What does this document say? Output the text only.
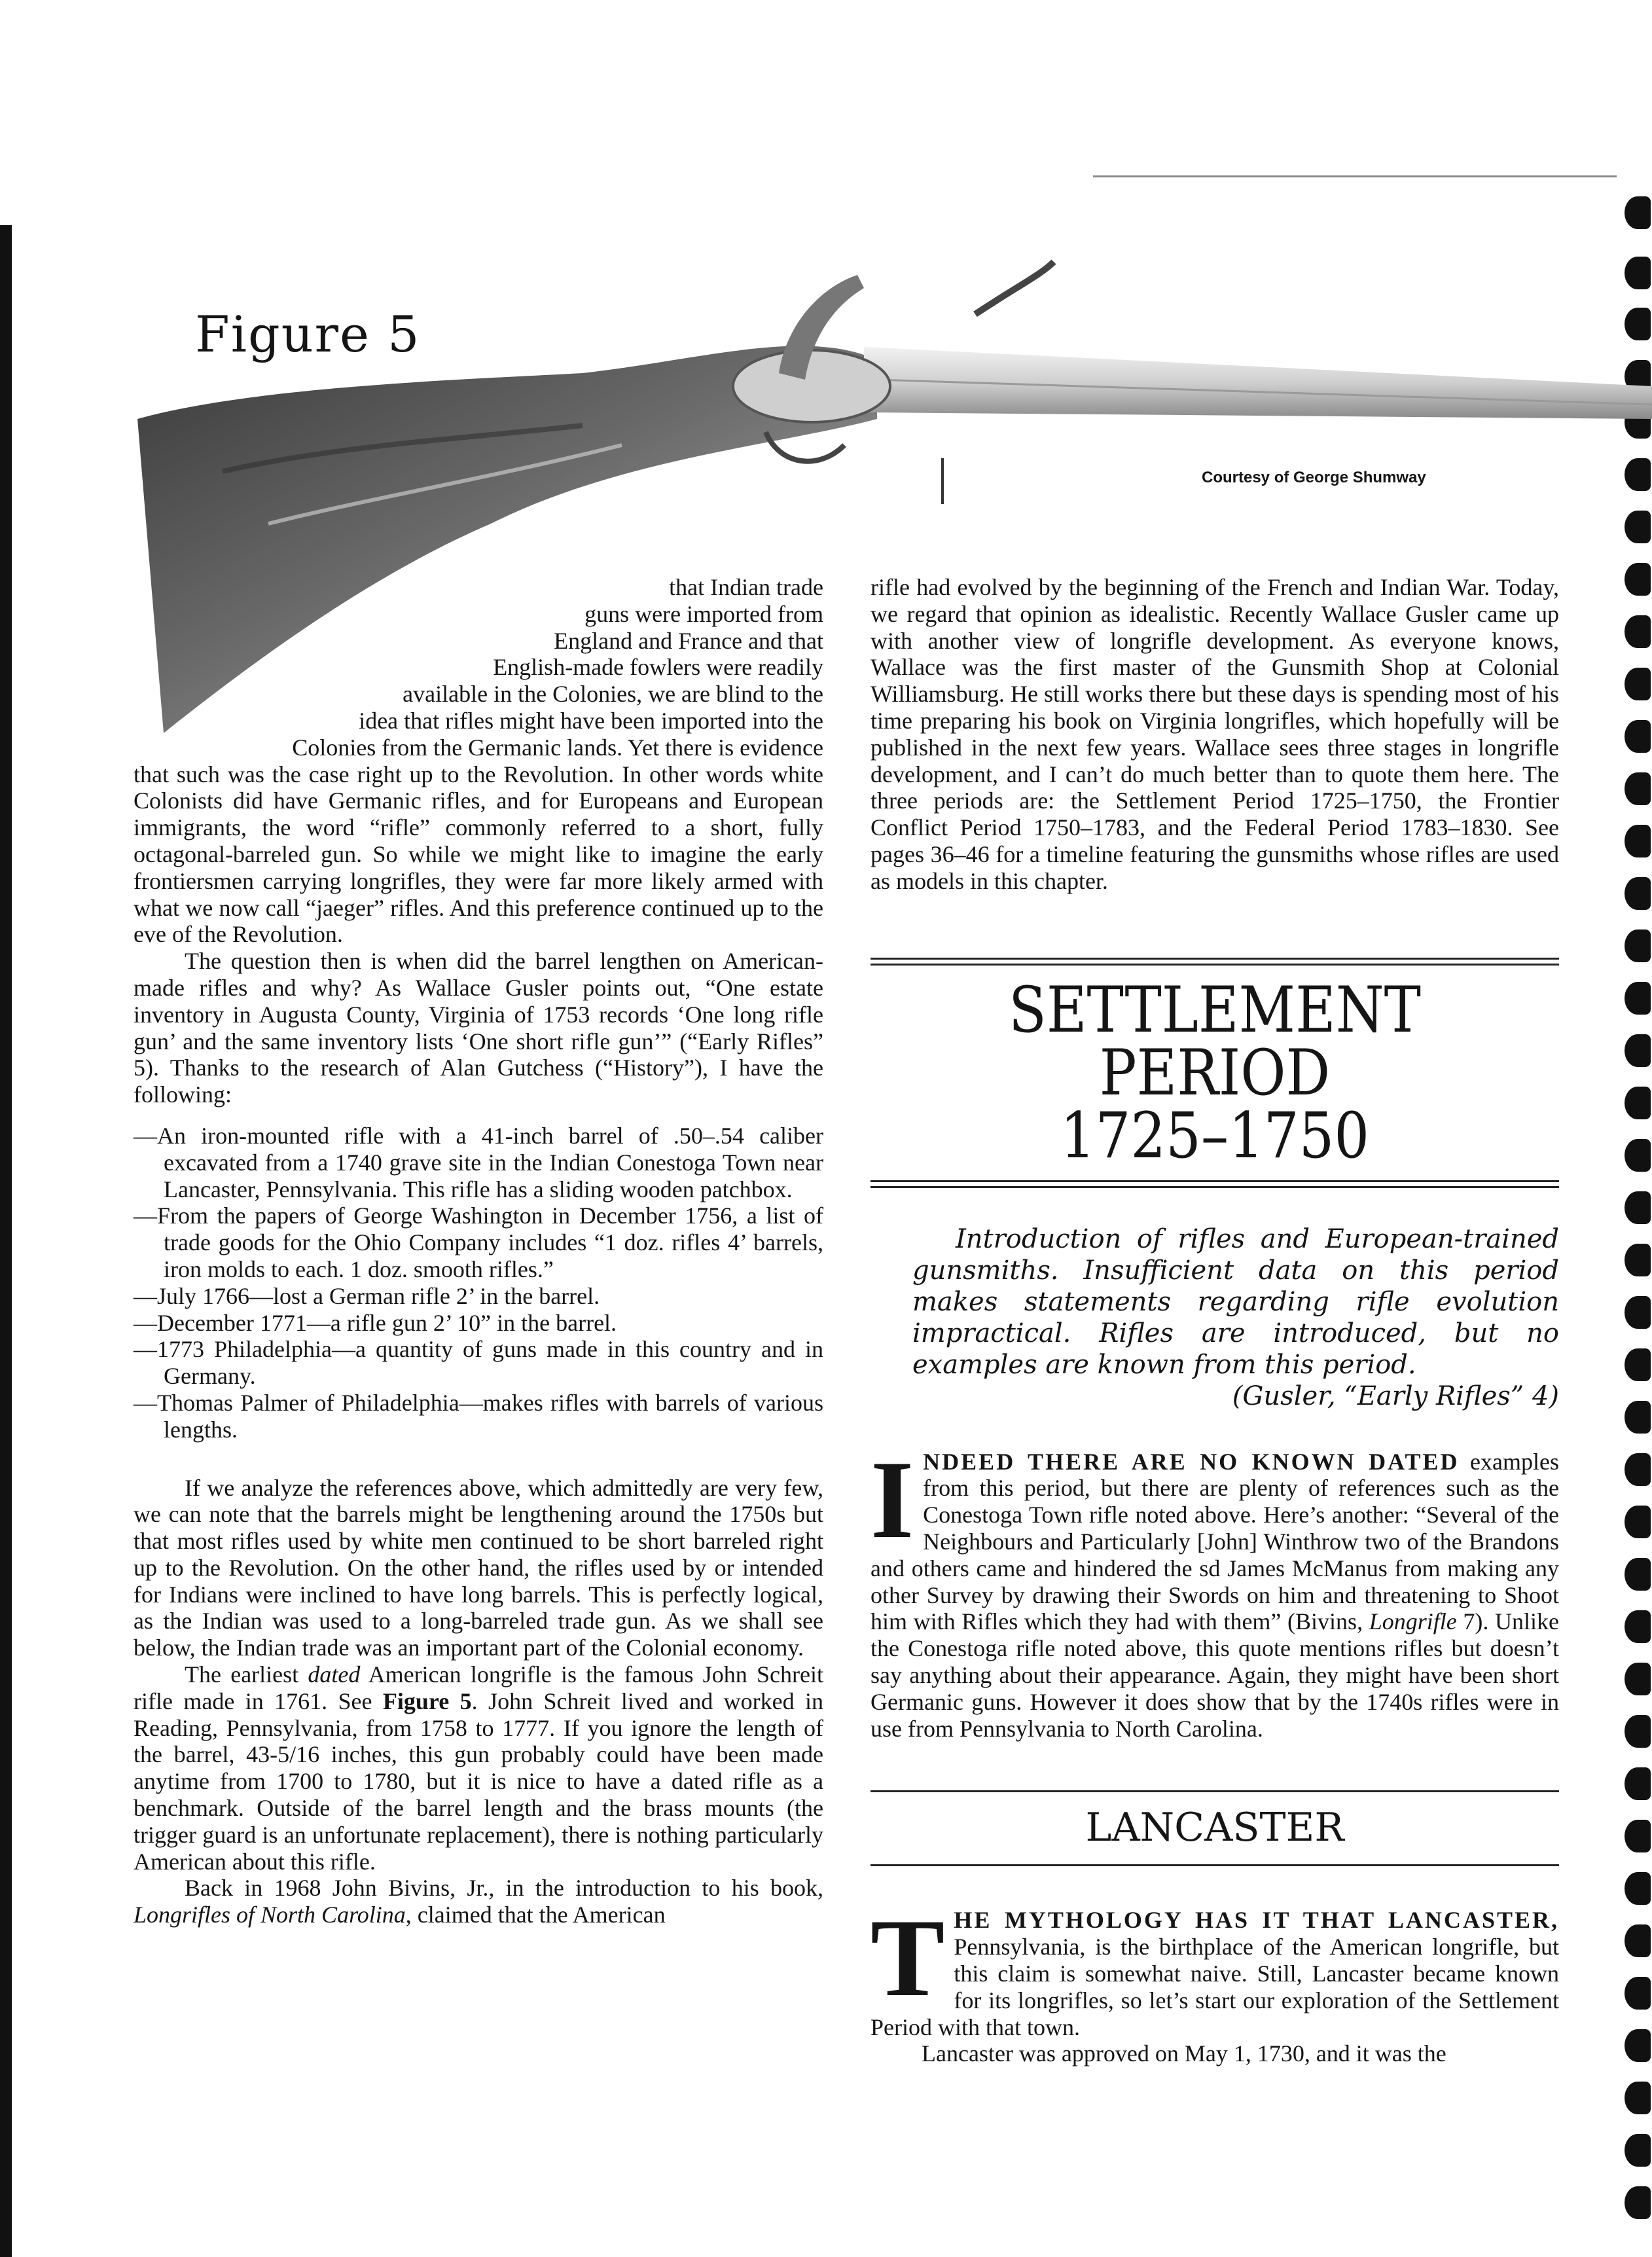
Figure 5
Courtesy of George Shumway
that Indian trade
guns were imported from
England and France and that
English-made fowlers were readily
available in the Colonies, we are blind to the
idea that rifles might have been imported into the
Colonies from the Germanic lands. Yet there is evidence

that such was the case right up to the Revolution. In other words white Colonists did have Germanic rifles, and for Europeans and European immigrants, the word “rifle” commonly referred to a short, fully octagonal-barreled gun. So while we might like to imagine the early frontiersmen carrying longrifles, they were far more likely armed with what we now call “jaeger” rifles. And this preference continued up to the eve of the Revolution.

The question then is when did the barrel lengthen on American-made rifles and why? As Wallace Gusler points out, “One estate inventory in Augusta County, Virginia of 1753 records ‘One long rifle gun’ and the same inventory lists ‘One short rifle gun’” (“Early Rifles” 5). Thanks to the research of Alan Gutchess (“History”), I have the following:

—An iron-mounted rifle with a 41-inch barrel of .50–.54 caliber excavated from a 1740 grave site in the Indian Conestoga Town near Lancaster, Pennsylvania. This rifle has a sliding wooden patchbox.
—From the papers of George Washington in December 1756, a list of trade goods for the Ohio Company includes “1 doz. rifles 4’ barrels, iron molds to each. 1 doz. smooth rifles.”
—July 1766—lost a German rifle 2’ in the barrel.
—December 1771—a rifle gun 2’ 10” in the barrel.
—1773 Philadelphia—a quantity of guns made in this country and in Germany.
—Thomas Palmer of Philadelphia—makes rifles with barrels of various lengths.

If we analyze the references above, which admittedly are very few, we can note that the barrels might be lengthening around the 1750s but that most rifles used by white men continued to be short barreled right up to the Revolution. On the other hand, the rifles used by or intended for Indians were inclined to have long barrels. This is perfectly logical, as the Indian was used to a long-barreled trade gun. As we shall see below, the Indian trade was an important part of the Colonial economy.

The earliest dated American longrifle is the famous John Schreit rifle made in 1761. See Figure 5. John Schreit lived and worked in Reading, Pennsylvania, from 1758 to 1777. If you ignore the length of the barrel, 43-5/16 inches, this gun probably could have been made anytime from 1700 to 1780, but it is nice to have a dated rifle as a benchmark. Outside of the barrel length and the brass mounts (the trigger guard is an unfortunate replacement), there is nothing particularly American about this rifle.

Back in 1968 John Bivins, Jr., in the introduction to his book, Longrifles of North Carolina, claimed that the American

rifle had evolved by the beginning of the French and Indian War. Today, we regard that opinion as idealistic. Recently Wallace Gusler came up with another view of longrifle development. As everyone knows, Wallace was the first master of the Gunsmith Shop at Colonial Williamsburg. He still works there but these days is spending most of his time preparing his book on Virginia longrifles, which hopefully will be published in the next few years. Wallace sees three stages in longrifle development, and I can’t do much better than to quote them here. The three periods are: the Settlement Period 1725–1750, the Frontier Conflict Period 1750–1783, and the Federal Period 1783–1830. See pages 36–46 for a timeline featuring the gunsmiths whose rifles are used as models in this chapter.

SETTLEMENT PERIOD
1725–1750

Introduction of rifles and European-trained gunsmiths. Insufficient data on this period makes statements regarding rifle evolution impractical. Rifles are introduced, but no examples are known from this period.

(Gusler, “Early Rifles” 4)

INDEED THERE ARE NO KNOWN DATED examples from this period, but there are plenty of references such as the Conestoga Town rifle noted above. Here’s another: “Several of the Neighbours and Particularly [John] Winthrow two of the Brandons and others came and hindered the sd James McManus from making any other Survey by drawing their Swords on him and threatening to Shoot him with Rifles which they had with them” (Bivins, Longrifle 7). Unlike the Conestoga rifle noted above, this quote mentions rifles but doesn’t say anything about their appearance. Again, they might have been short Germanic guns. However it does show that by the 1740s rifles were in use from Pennsylvania to North Carolina.

LANCASTER

THE MYTHOLOGY HAS IT THAT LANCASTER, Pennsylvania, is the birthplace of the American longrifle, but this claim is somewhat naive. Still, Lancaster became known for its longrifles, so let’s start our exploration of the Settlement Period with that town.

Lancaster was approved on May 1, 1730, and it was the
